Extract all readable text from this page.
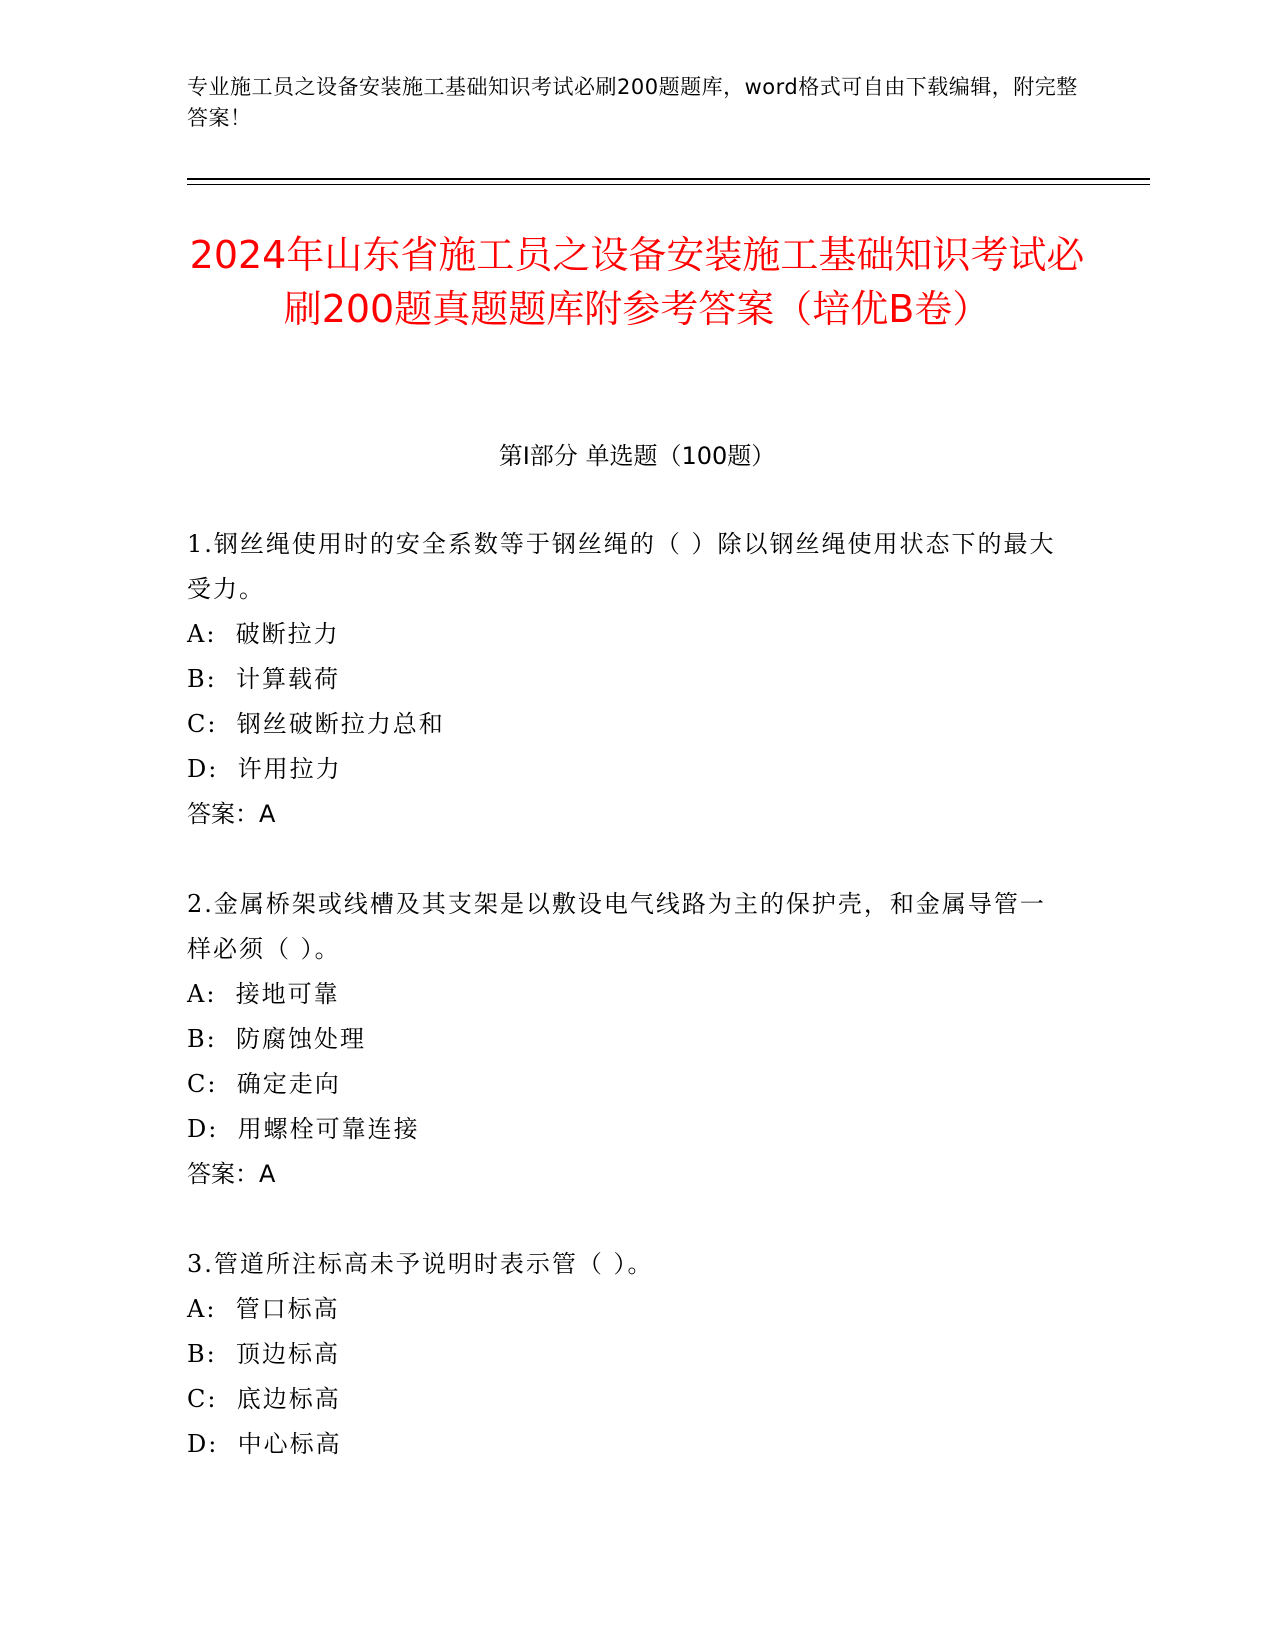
专业施工员之设备安装施工基础知识考试必刷200题题库，word格式可自由下载编辑，附完整答案！
2024年山东省施工员之设备安装施工基础知识考试必刷200题真题题库附参考答案（培优B卷）
第I部分 单选题（100题）

1.钢丝绳使用时的安全系数等于钢丝绳的（ ）除以钢丝绳使用状态下的最大受力。

A:  破断拉力

B:  计算载荷

C:  钢丝破断拉力总和

D:  许用拉力

答案：A

2.金属桥架或线槽及其支架是以敷设电气线路为主的保护壳，和金属导管一样必须（ ）。

A:  接地可靠

B:  防腐蚀处理

C:  确定走向

D:  用螺栓可靠连接

答案：A

3.管道所注标高未予说明时表示管（ ）。

A:  管口标高

B:  顶边标高

C:  底边标高

D:  中心标高
